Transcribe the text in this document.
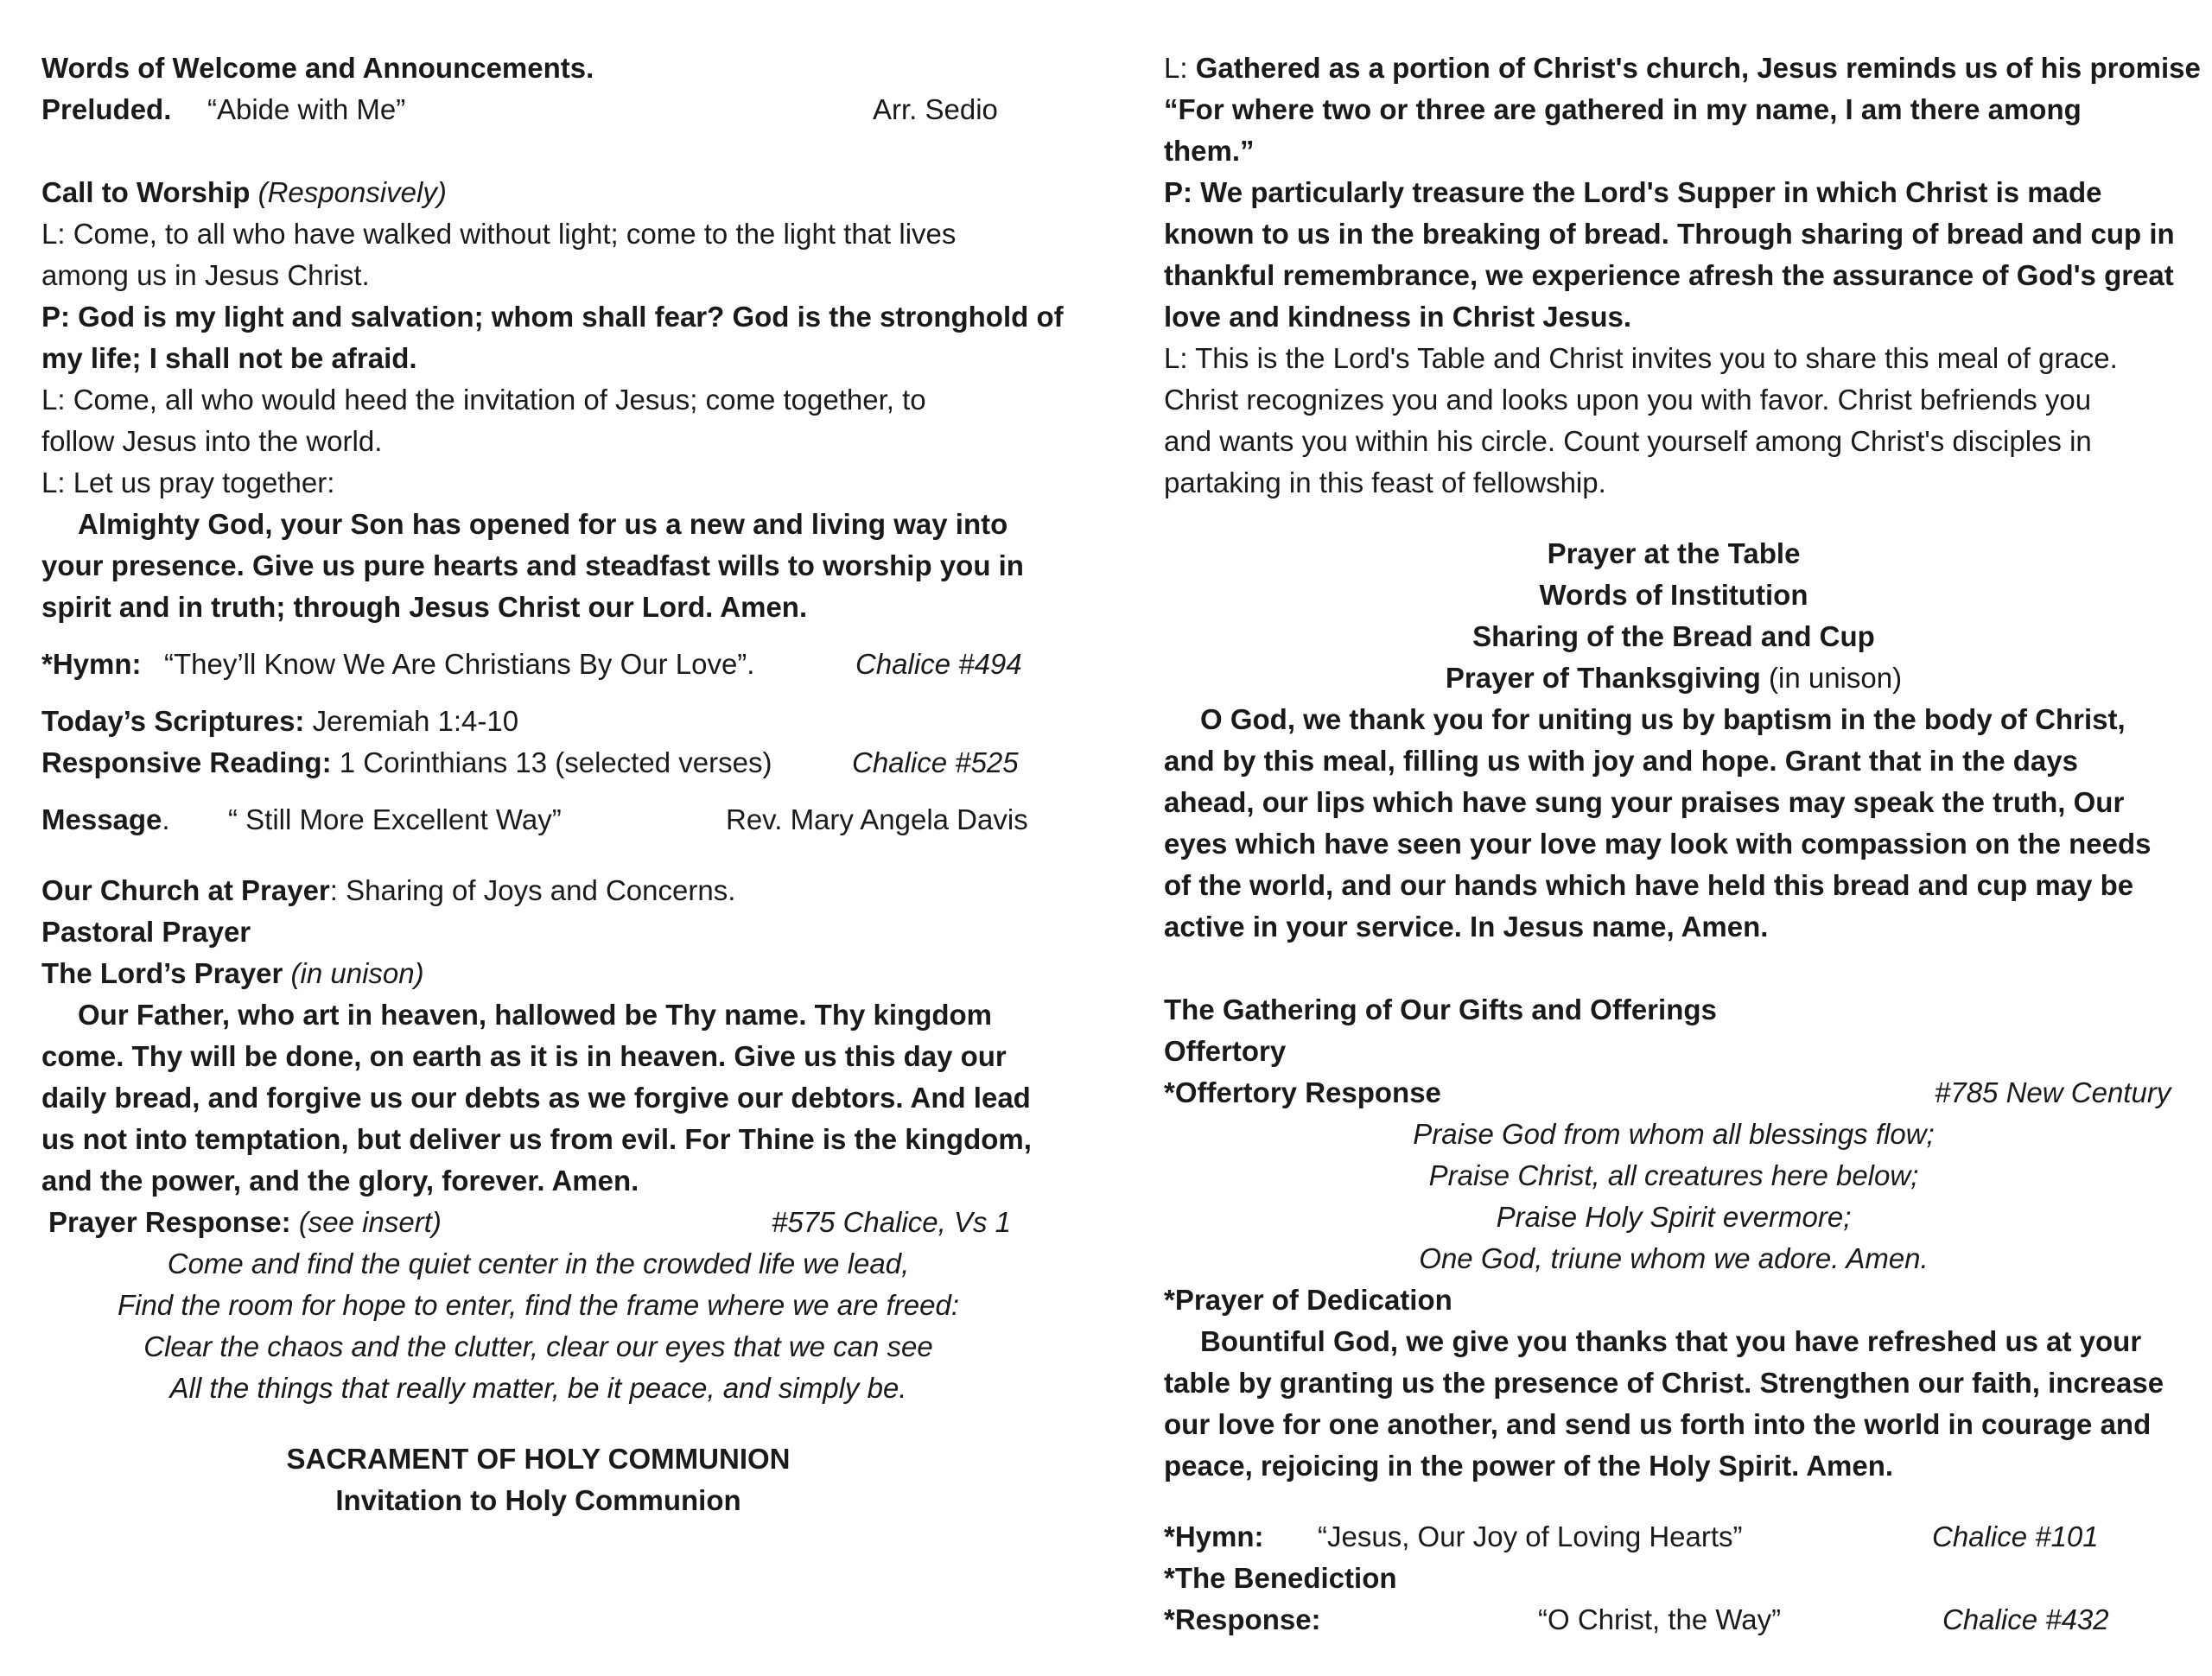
Words of Welcome and Announcements.
Preluded. “Abide with Me”	Arr. Sedio
Call to Worship (Responsively)
L: Come, to all who have walked without light; come to the light that lives
among us in Jesus Christ.
P: God is my light and salvation; whom shall fear? God is the stronghold of
my life; I shall not be afraid.
L: Come, all who would heed the invitation of Jesus; come together, to
follow Jesus into the world.
L: Let us pray together:
Almighty God, your Son has opened for us a new and living way into
your presence. Give us pure hearts and steadfast wills to worship you in
spirit and in truth; through Jesus Christ our Lord. Amen.
*Hymn: “They’ll Know We Are Christians By Our Love”.	Chalice #494
Today’s Scriptures: Jeremiah 1:4-10
Responsive Reading: 1 Corinthians 13 (selected verses)	Chalice #525
Message. “ Still More Excellent Way”	Rev. Mary Angela Davis
Our Church at Prayer: Sharing of Joys and Concerns.
Pastoral Prayer
The Lord’s Prayer (in unison)
Our Father, who art in heaven, hallowed be Thy name. Thy kingdom
come. Thy will be done, on earth as it is in heaven. Give us this day our
daily bread, and forgive us our debts as we forgive our debtors. And lead
us not into temptation, but deliver us from evil. For Thine is the kingdom,
and the power, and the glory, forever. Amen.
Prayer Response: (see insert)	#575 Chalice, Vs 1
Come and find the quiet center in the crowded life we lead,
Find the room for hope to enter, find the frame where we are freed:
Clear the chaos and the clutter, clear our eyes that we can see
All the things that really matter, be it peace, and simply be.
SACRAMENT OF HOLY COMMUNION
Invitation to Holy Communion
L: Gathered as a portion of Christ's church, Jesus reminds us of his promise
“For where two or three are gathered in my name, I am there among
them.”
P: We particularly treasure the Lord's Supper in which Christ is made
known to us in the breaking of bread. Through sharing of bread and cup in
thankful remembrance, we experience afresh the assurance of God's great
love and kindness in Christ Jesus.
L: This is the Lord's Table and Christ invites you to share this meal of grace.
Christ recognizes you and looks upon you with favor. Christ befriends you
and wants you within his circle. Count yourself among Christ's disciples in
partaking in this feast of fellowship.
Prayer at the Table
Words of Institution
Sharing of the Bread and Cup
Prayer of Thanksgiving (in unison)
O God, we thank you for uniting us by baptism in the body of Christ,
and by this meal, filling us with joy and hope. Grant that in the days
ahead, our lips which have sung your praises may speak the truth, Our
eyes which have seen your love may look with compassion on the needs
of the world, and our hands which have held this bread and cup may be
active in your service. In Jesus name, Amen.
The Gathering of Our Gifts and Offerings
Offertory
*Offertory Response	#785 New Century
Praise God from whom all blessings flow;
Praise Christ, all creatures here below;
Praise Holy Spirit evermore;
One God, triune whom we adore. Amen.
*Prayer of Dedication
Bountiful God, we give you thanks that you have refreshed us at your
table by granting us the presence of Christ. Strengthen our faith, increase
our love for one another, and send us forth into the world in courage and
peace, rejoicing in the power of the Holy Spirit. Amen.
*Hymn: “Jesus, Our Joy of Loving Hearts”	Chalice #101
*The Benediction
*Response:	“O Christ, the Way”	Chalice #432
